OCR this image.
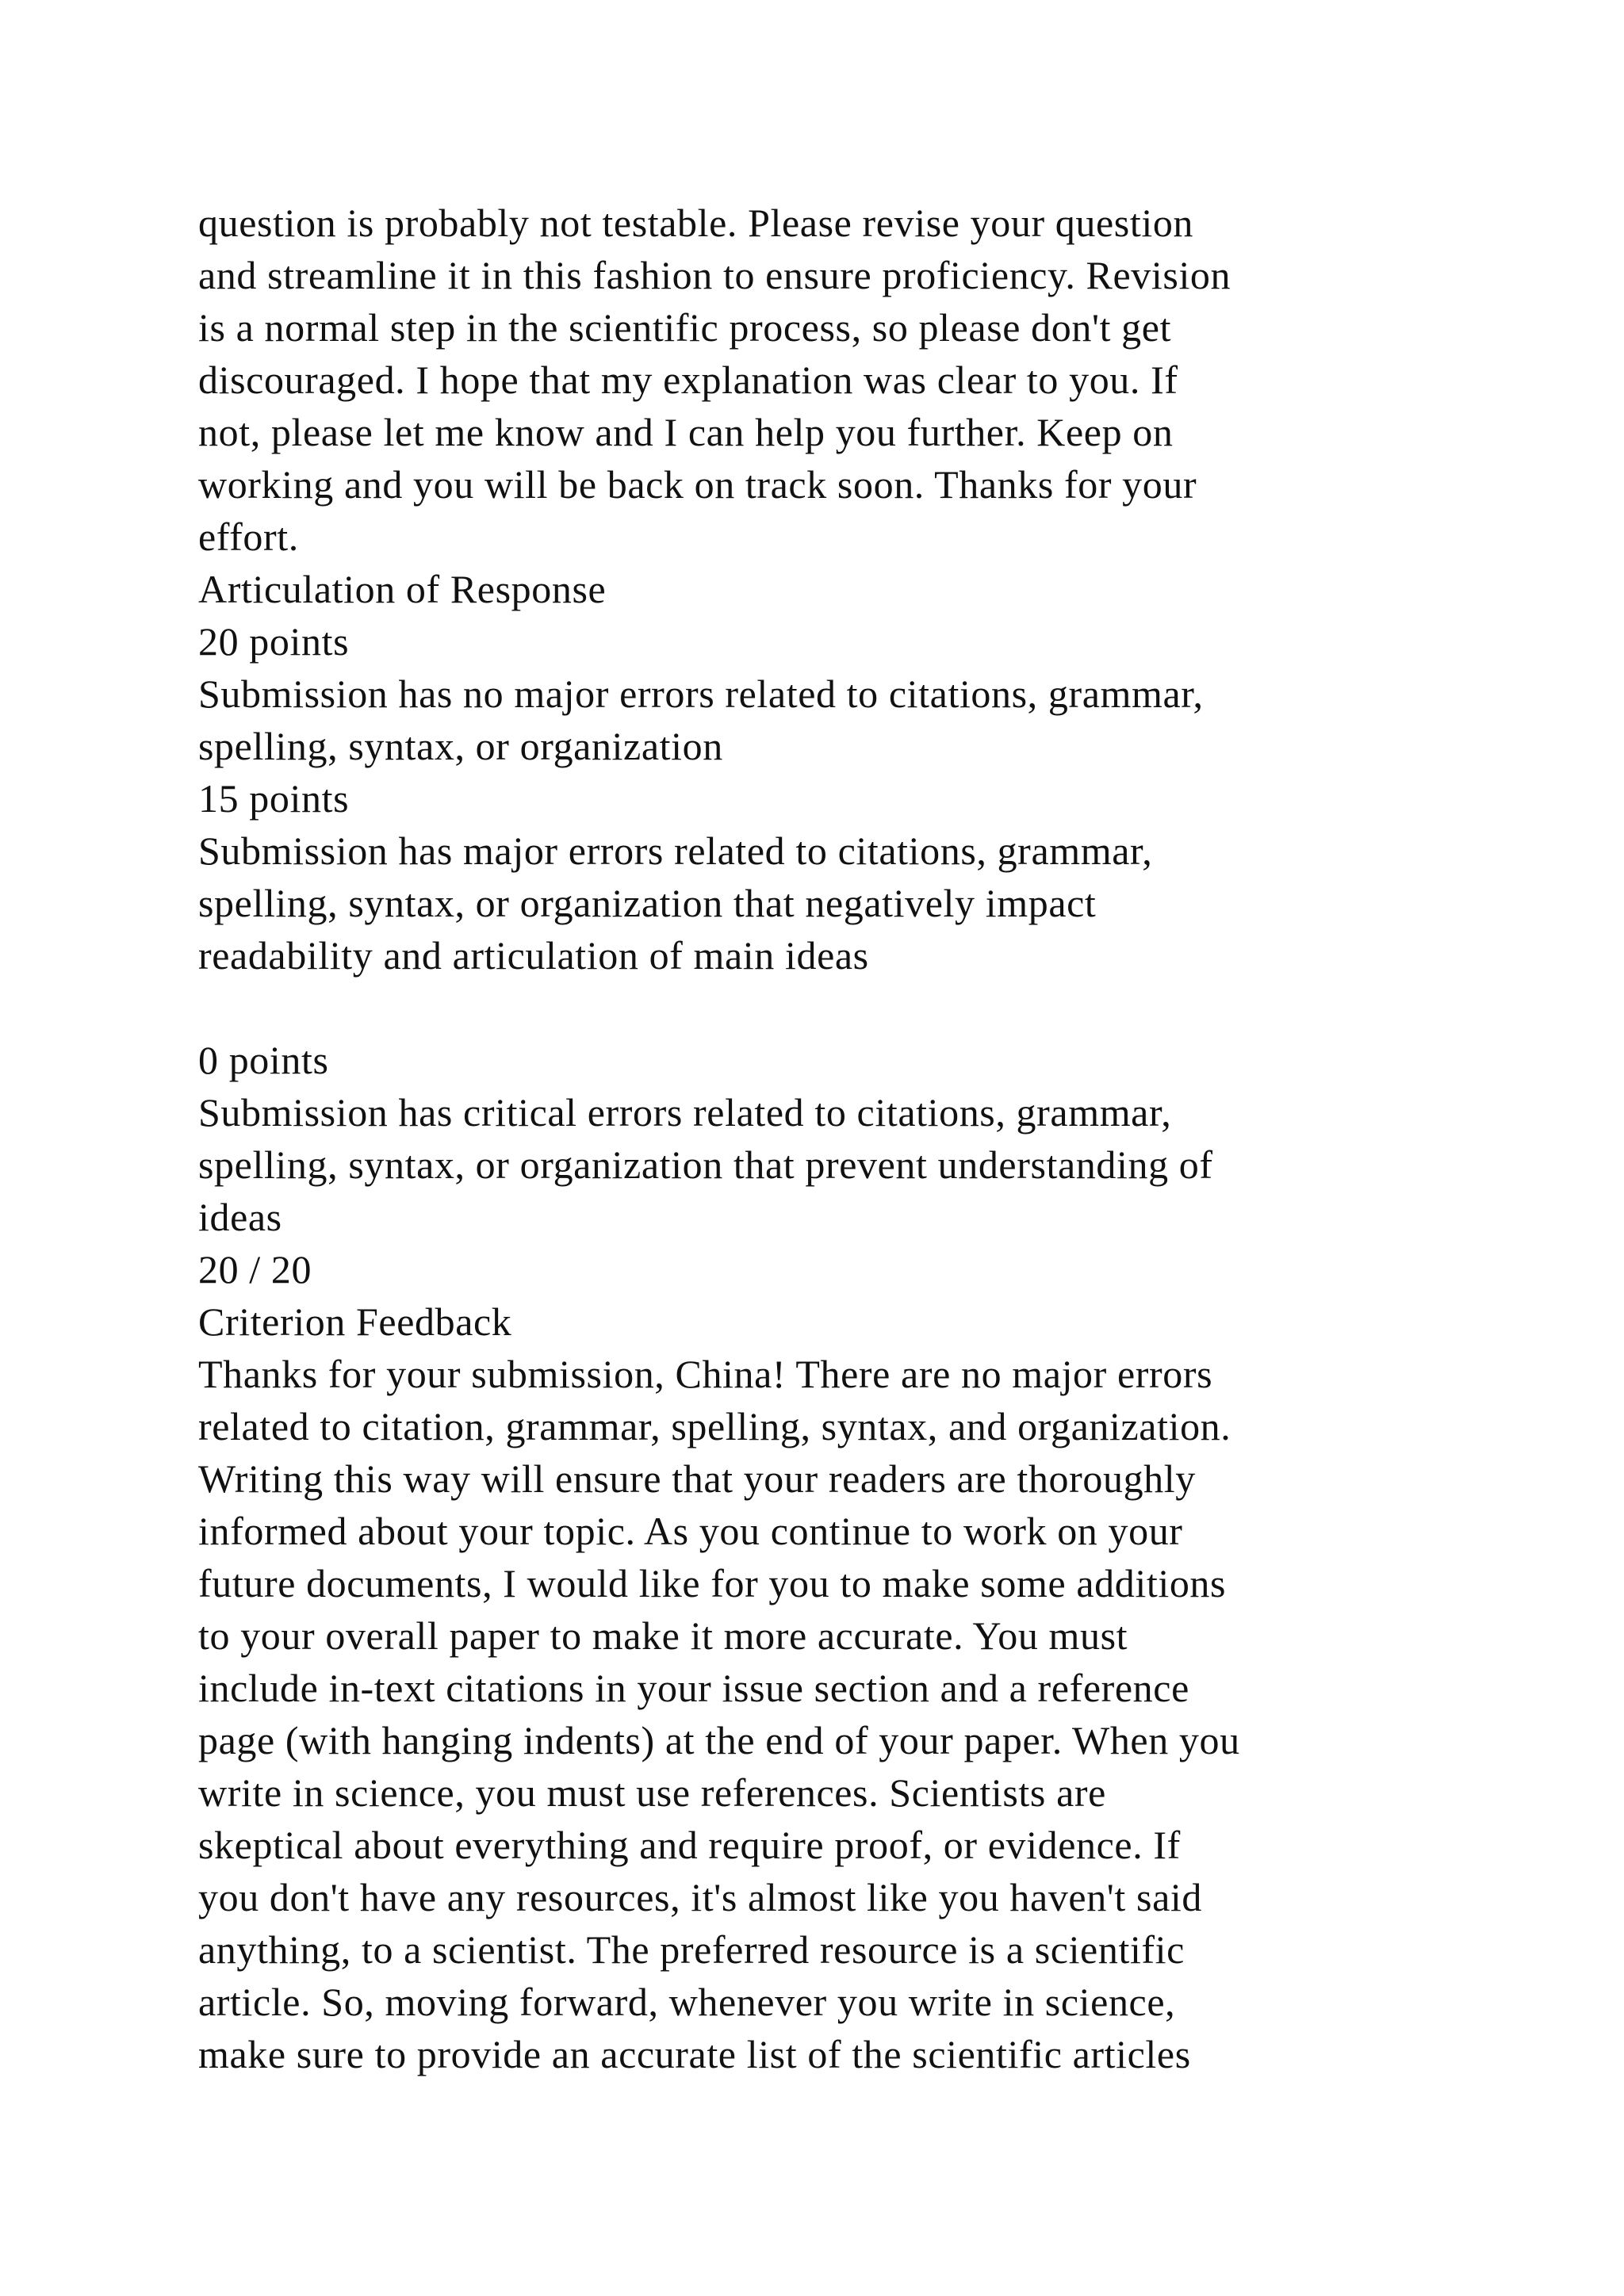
question is probably not testable. Please revise your question
and streamline it in this fashion to ensure proficiency. Revision
is a normal step in the scientific process, so please don't get
discouraged. I hope that my explanation was clear to you. If
not, please let me know and I can help you further. Keep on
working and you will be back on track soon. Thanks for your
effort.
Articulation of Response
20 points
Submission has no major errors related to citations, grammar,
spelling, syntax, or organization
15 points
Submission has major errors related to citations, grammar,
spelling, syntax, or organization that negatively impact
readability and articulation of main ideas
0 points
Submission has critical errors related to citations, grammar,
spelling, syntax, or organization that prevent understanding of
ideas
20 / 20
Criterion Feedback
Thanks for your submission, China! There are no major errors
related to citation, grammar, spelling, syntax, and organization.
Writing this way will ensure that your readers are thoroughly
informed about your topic. As you continue to work on your
future documents, I would like for you to make some additions
to your overall paper to make it more accurate. You must
include in-text citations in your issue section and a reference
page (with hanging indents) at the end of your paper. When you
write in science, you must use references. Scientists are
skeptical about everything and require proof, or evidence. If
you don't have any resources, it's almost like you haven't said
anything, to a scientist. The preferred resource is a scientific
article. So, moving forward, whenever you write in science,
make sure to provide an accurate list of the scientific articles
